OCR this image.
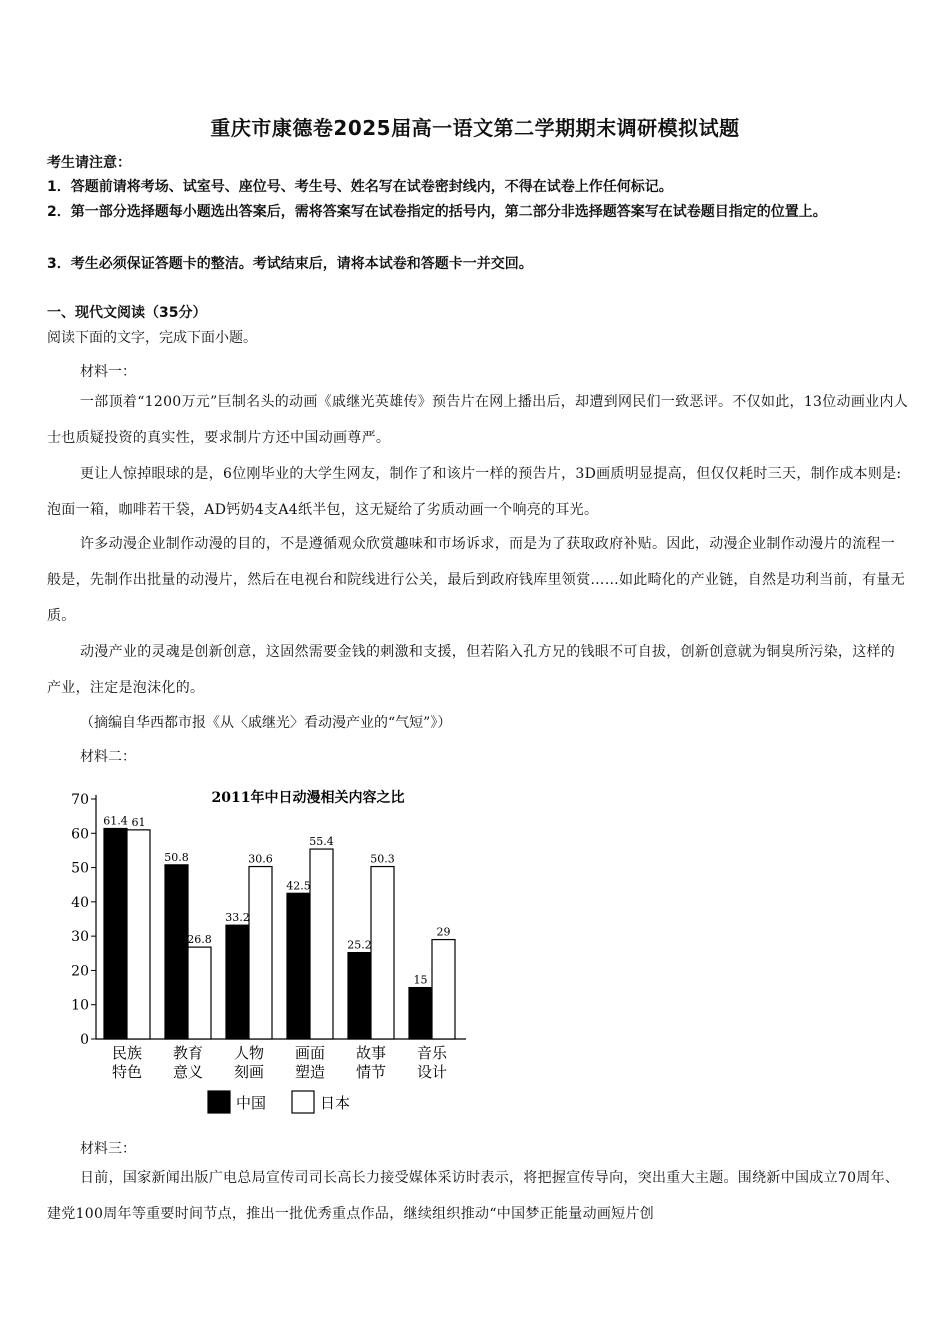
重庆市康德卷2025届高一语文第二学期期末调研模拟试题
考生请注意：
1．答题前请将考场、试室号、座位号、考生号、姓名写在试卷密封线内，不得在试卷上作任何标记。
2．第一部分选择题每小题选出答案后，需将答案写在试卷指定的括号内，第二部分非选择题答案写在试卷题目指定的位置上。
3．考生必须保证答题卡的整洁。考试结束后，请将本试卷和答题卡一并交回。
一、现代文阅读（35分）
阅读下面的文字，完成下面小题。
材料一：
一部顶着“1200万元”巨制名头的动画《戚继光英雄传》预告片在网上播出后，却遭到网民们一致恶评。不仅如此，13位动画业内人士也质疑投资的真实性，要求制片方还中国动画尊严。
更让人惊掉眼球的是，6位刚毕业的大学生网友，制作了和该片一样的预告片，3D画质明显提高，但仅仅耗时三天，制作成本则是:泡面一箱，咖啡若干袋，AD钙奶4支A4纸半包，这无疑给了劣质动画一个响亮的耳光。
许多动漫企业制作动漫的目的，不是遵循观众欣赏趣味和市场诉求，而是为了获取政府补贴。因此，动漫企业制作动漫片的流程一般是，先制作出批量的动漫片，然后在电视台和院线进行公关，最后到政府钱库里领赏……如此畸化的产业链，自然是功利当前，有量无质。
动漫产业的灵魂是创新创意，这固然需要金钱的刺激和支援，但若陷入孔方兄的钱眼不可自拔，创新创意就为铜臭所污染，这样的产业，注定是泡沫化的。
（摘编自华西都市报《从〈戚继光〉看动漫产业的“气短”》）
材料二：
2011年中日动漫相关内容之比
0
10
20
30
40
50
60
70
61.4 61
民族
特色
50.8
26.8
教育
意义
33.2
30.6
人物
刻画
42.5
55.4
画面
塑造
25.2
50.3
故事
情节
15
29
音乐
设计
中国	日本
材料三：
日前，国家新闻出版广电总局宣传司司长高长力接受媒体采访时表示，将把握宣传导向，突出重大主题。围绕新中国成立70周年、建党100周年等重要时间节点，推出一批优秀重点作品，继续组织推动“中国梦正能量动画短片创
